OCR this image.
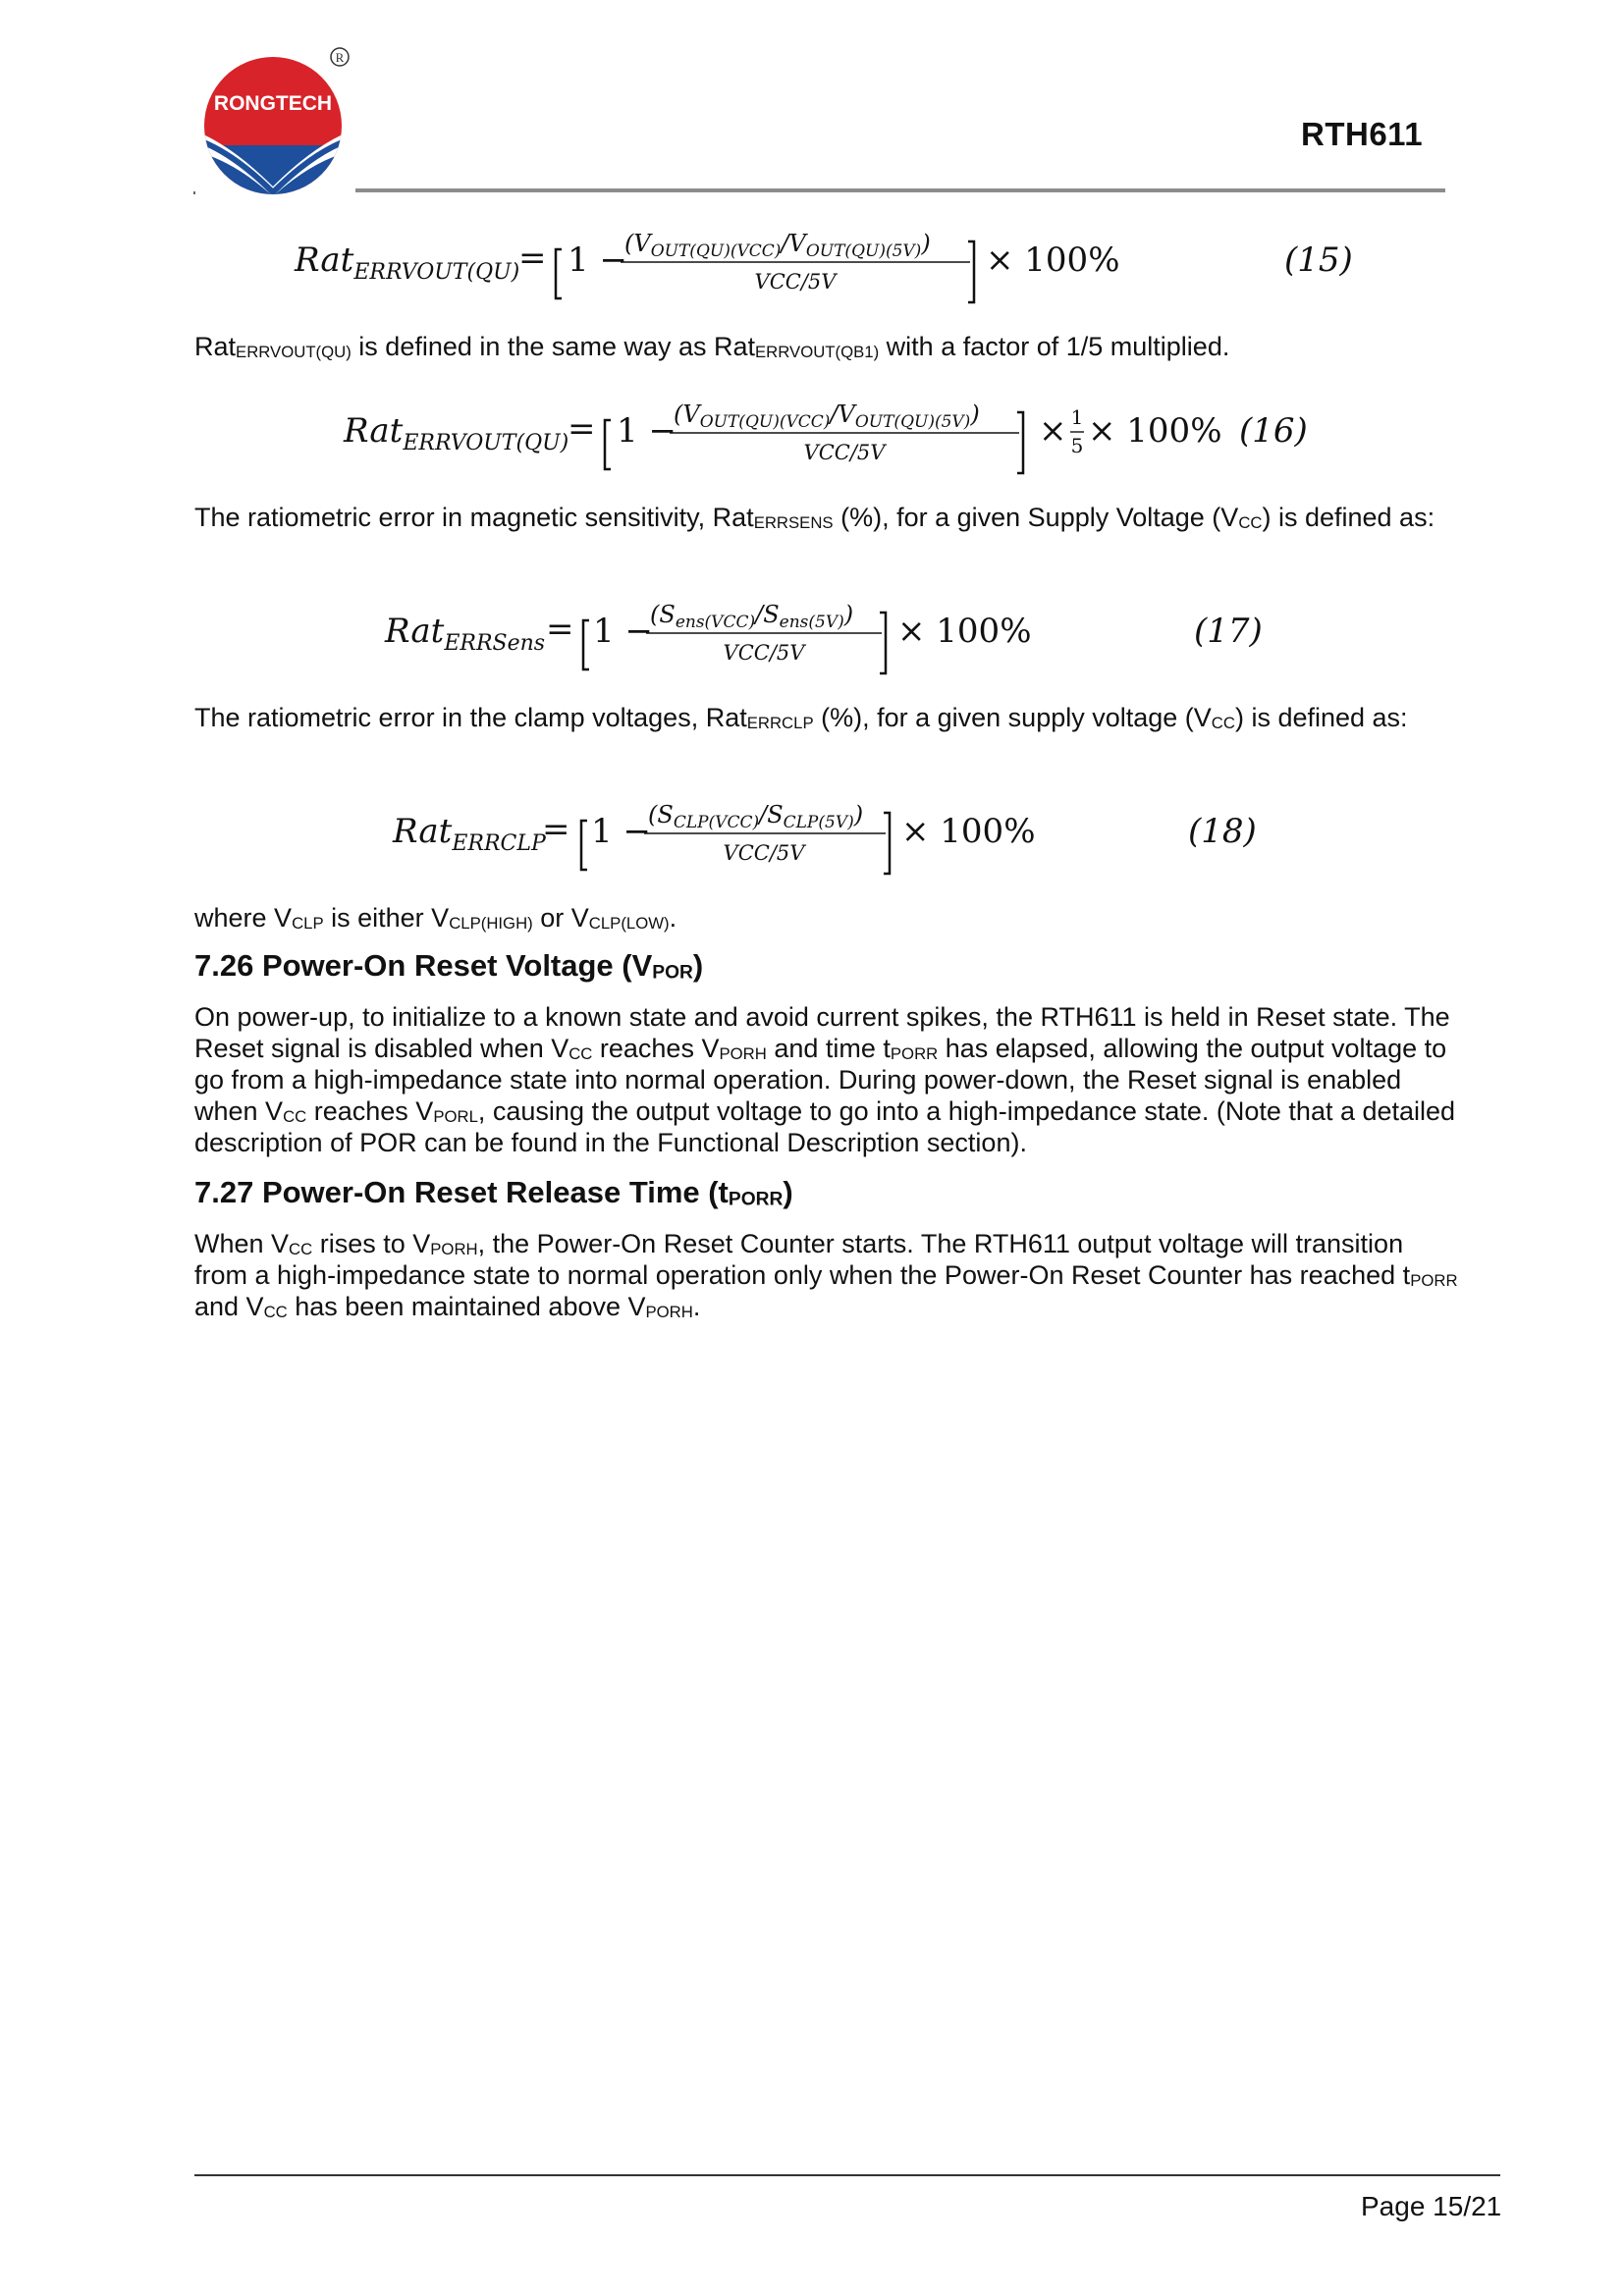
RONGTECH
R
RTH611
Rat$_{ERRVOUT(QU)}$
= 1 −
$(V_{OUT(QU)(VCC)}/V_{OUT(QU)(5V)})$
VCC/5V
× 100%	(15)
Rat$_{ERRVOUT(QU)}$ is defined in the same way as Rat$_{ERRVOUT(QB1)}$ with a factor of 1/5 multiplied.
Rat$_{ERRVOUT(QU)}$
= 1 −
$(V_{OUT(QU)(VCC)}/V_{OUT(QU)(5V)})$
VCC/5V
× 1
5 × 100% (16)
The ratiometric error in magnetic sensitivity, Rat$_{ERRSENS}$ (%), for a given Supply Voltage $(V_{CC})$ is defined as:
Rat$_{ERRSens}$ = 1 −
$(S_{ens(VCC)}/S_{ens(5V)})$
VCC/5V
× 100%	(17)
The ratiometric error in the clamp voltages, Rat$_{ERRCLP}$ (%), for a given supply voltage $(V_{CC})$ is defined as:
Rat$_{ERRCLP}$
= 1 −
$(S_{CLP(VCC)}/S_{CLP(5V)})$
VCC/5V
× 100%	(18)
where $V_{CLP}$ is either $V_{CLP(HIGH)}$ or $V_{CLP(LOW)}$.
7.26 Power-On Reset Voltage $(V_{POR})$
On power-up, to initialize to a known state and avoid current spikes, the RTH611 is held in Reset state. The Reset signal is disabled when $V_{CC}$ reaches $V_{PORH}$ and time $t_{PORR}$ has elapsed, allowing the output voltage to go from a high-impedance state into normal operation. During power-down, the Reset signal is enabled when $V_{CC}$ reaches $V_{PORL}$, causing the output voltage to go into a high-impedance state. (Note that a detailed description of POR can be found in the Functional Description section).
7.27 Power-On Reset Release Time $(t_{PORR})$
When $V_{CC}$ rises to $V_{PORH}$, the Power-On Reset Counter starts. The RTH611 output voltage will transition from a high-impedance state to normal operation only when the Power-On Reset Counter has reached $t_{PORR}$ and $V_{CC}$ has been maintained above $V_{PORH}$.
Page 15/21
